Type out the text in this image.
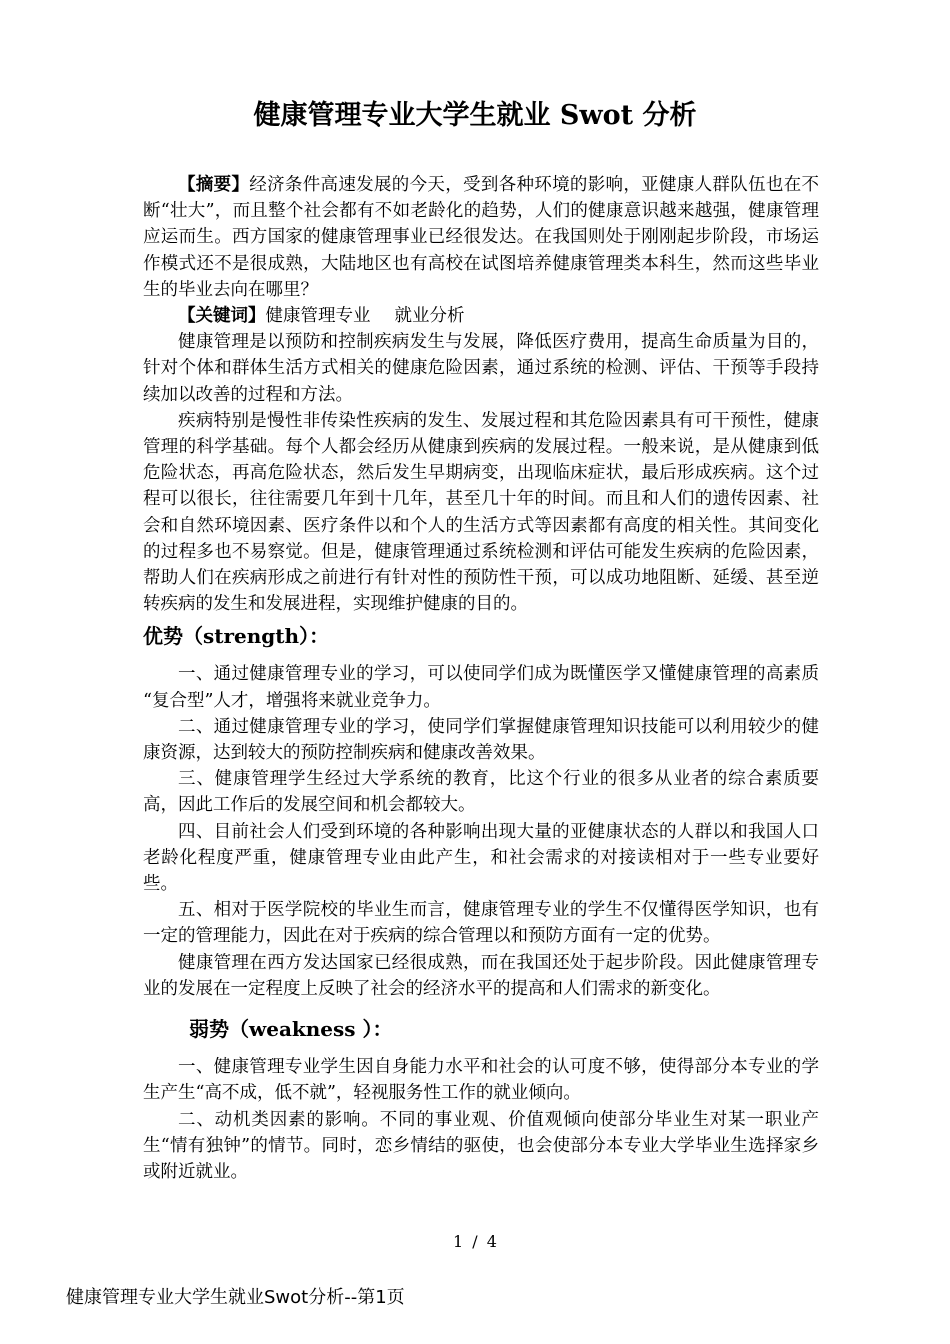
健康管理专业大学生就业 Swot 分析

【摘要】经济条件高速发展的今天，受到各种环境的影响，亚健康人群队伍也在不断“壮大”，而且整个社会都有不如老龄化的趋势，人们的健康意识越来越强，健康管理应运而生。西方国家的健康管理事业已经很发达。在我国则处于刚刚起步阶段，市场运作模式还不是很成熟，大陆地区也有高校在试图培养健康管理类本科生，然而这些毕业生的毕业去向在哪里？

【关键词】健康管理专业 就业分析

健康管理是以预防和控制疾病发生与发展，降低医疗费用，提高生命质量为目的，针对个体和群体生活方式相关的健康危险因素，通过系统的检测、评估、干预等手段持续加以改善的过程和方法。

疾病特别是慢性非传染性疾病的发生、发展过程和其危险因素具有可干预性，健康管理的科学基础。每个人都会经历从健康到疾病的发展过程。一般来说，是从健康到低危险状态，再高危险状态，然后发生早期病变，出现临床症状，最后形成疾病。这个过程可以很长，往往需要几年到十几年，甚至几十年的时间。而且和人们的遗传因素、社会和自然环境因素、医疗条件以和个人的生活方式等因素都有高度的相关性。其间变化的过程多也不易察觉。但是，健康管理通过系统检测和评估可能发生疾病的危险因素，帮助人们在疾病形成之前进行有针对性的预防性干预，可以成功地阻断、延缓、甚至逆转疾病的发生和发展进程，实现维护健康的目的。

优势（strength）：

一、通过健康管理专业的学习，可以使同学们成为既懂医学又懂健康管理的高素质 “复合型”人才，增强将来就业竞争力。

二、通过健康管理专业的学习，使同学们掌握健康管理知识技能可以利用较少的健康资源，达到较大的预防控制疾病和健康改善效果。

三、健康管理学生经过大学系统的教育，比这个行业的很多从业者的综合素质要高，因此工作后的发展空间和机会都较大。

四、目前社会人们受到环境的各种影响出现大量的亚健康状态的人群以和我国人口老龄化程度严重，健康管理专业由此产生，和社会需求的对接读相对于一些专业要好些。

五、相对于医学院校的毕业生而言，健康管理专业的学生不仅懂得医学知识，也有一定的管理能力，因此在对于疾病的综合管理以和预防方面有一定的优势。

健康管理在西方发达国家已经很成熟，而在我国还处于起步阶段。因此健康管理专业的发展在一定程度上反映了社会的经济水平的提高和人们需求的新变化。

弱势（weakness ）：

一、健康管理专业学生因自身能力水平和社会的认可度不够，使得部分本专业的学生产生“高不成，低不就”，轻视服务性工作的就业倾向。

二、动机类因素的影响。不同的事业观、价值观倾向使部分毕业生对某一职业产生“情有独钟”的情节。同时，恋乡情结的驱使，也会使部分本专业大学毕业生选择家乡或附近就业。

1 / 4
健康管理专业大学生就业Swot分析--第1页
